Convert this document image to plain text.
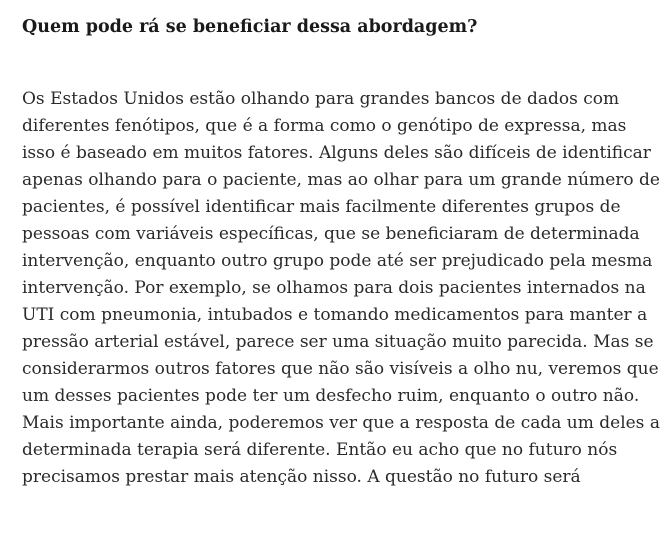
Quem pode rá se beneficiar dessa abordagem?
Os Estados Unidos estão olhando para grandes bancos de dados com
diferentes fenótipos, que é a forma como o genótipo de expressa, mas
isso é baseado em muitos fatores. Alguns deles são difíceis de identificar
apenas olhando para o paciente, mas ao olhar para um grande número de
pacientes, é possível identificar mais facilmente diferentes grupos de
pessoas com variáveis específicas, que se beneficiaram de determinada
intervenção, enquanto outro grupo pode até ser prejudicado pela mesma
intervenção. Por exemplo, se olhamos para dois pacientes internados na
UTI com pneumonia, intubados e tomando medicamentos para manter a
pressão arterial estável, parece ser uma situação muito parecida. Mas se
considerarmos outros fatores que não são visíveis a olho nu, veremos que
um desses pacientes pode ter um desfecho ruim, enquanto o outro não.
Mais importante ainda, poderemos ver que a resposta de cada um deles a
determinada terapia será diferente. Então eu acho que no futuro nós
precisamos prestar mais atenção nisso. A questão no futuro será
